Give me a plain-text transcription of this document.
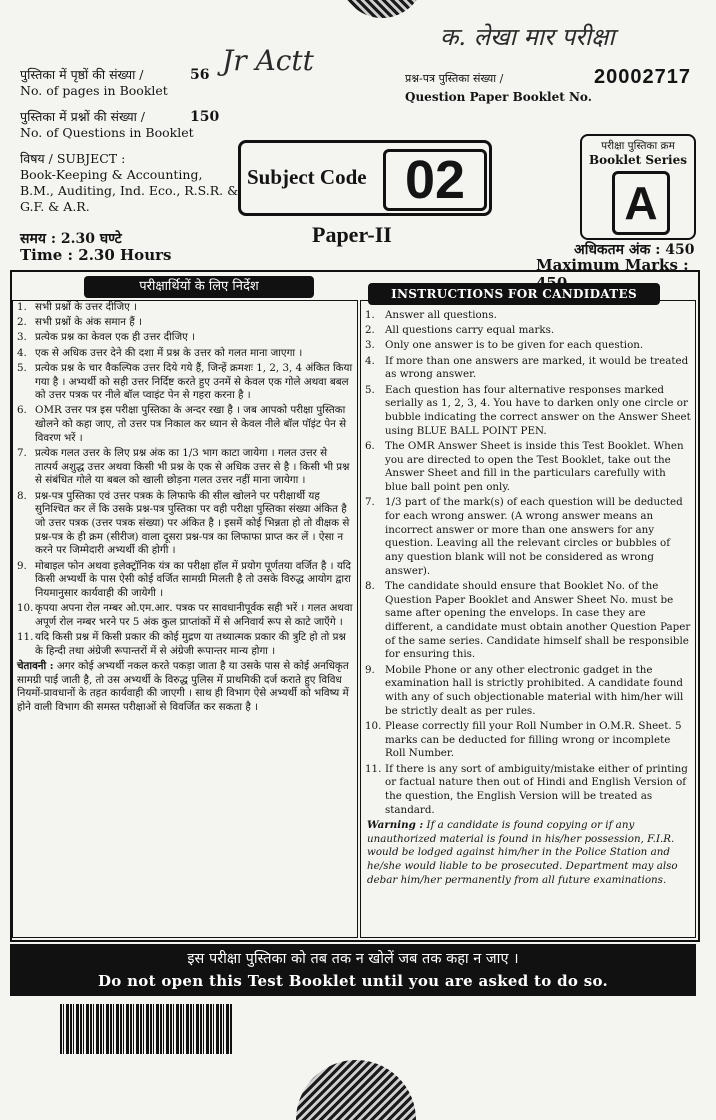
Jr Actt
क. लेखा मार परीक्षा
पुस्तिका में पृष्ठों की संख्या /
No. of pages in Booklet
56
पुस्तिका में प्रश्नों की संख्या /
No. of Questions in Booklet
150
प्रश्न-पत्र पुस्तिका संख्या /
Question Paper Booklet No.
20002717
विषय / SUBJECT :
Book-Keeping & Accounting,
B.M., Auditing, Ind. Eco., R.S.R. &
G.F. & A.R.
Subject Code 02
परीक्षा पुस्तिका क्रम
Booklet Series
A
समय : 2.30 घण्टे
Time : 2.30 Hours
Paper-II
अधिकतम अंक : 450
Maximum Marks :
परीक्षार्थियों के लिए निर्देश	INSTRUCTIONS FOR CANDIDATES
1. सभी प्रश्नों के उत्तर दीजिए ।
2. सभी प्रश्नों के अंक समान हैं ।
3. प्रत्येक प्रश्न का केवल एक ही उत्तर दीजिए ।
4. एक से अधिक उत्तर देने की दशा में प्रश्न के उत्तर को गलत माना जाएगा ।
5. प्रत्येक प्रश्न के चार वैकल्पिक उत्तर दिये गये हैं, जिन्हें क्रमशः 1, 2, 3, 4 अंकित किया गया है । अभ्यर्थी को सही उत्तर निर्दिष्ट करते हुए उनमें से केवल एक गोले अथवा बबल को उत्तर पत्रक पर नीले बॉल प्वाइंट पेन से गहरा करना है ।
6. OMR उत्तर पत्र इस परीक्षा पुस्तिका के अन्दर रखा है । जब आपको परीक्षा पुस्तिका खोलने को कहा जाए, तो उत्तर पत्र निकाल कर ध्यान से केवल नीले बॉल पॉइंट पेन से विवरण भरें ।
7. प्रत्येक गलत उत्तर के लिए प्रश्न अंक का 1/3 भाग काटा जायेगा । गलत उत्तर से तात्पर्य अशुद्ध उत्तर अथवा किसी भी प्रश्न के एक से अधिक उत्तर से है । किसी भी प्रश्न से संबंधित गोले या बबल को खाली छोड़ना गलत उत्तर नहीं माना जायेगा ।
8. प्रश्न-पत्र पुस्तिका एवं उत्तर पत्रक के लिफाफे की सील खोलने पर परीक्षार्थी यह सुनिश्चित कर लें कि उसके प्रश्न-पत्र पुस्तिका पर वही परीक्षा पुस्तिका संख्या अंकित है जो उत्तर पत्रक (उत्तर पत्रक संख्या) पर अंकित है । इसमें कोई भिन्नता हो तो वीक्षक से प्रश्न-पत्र के ही क्रम (सीरीज) वाला दूसरा प्रश्न-पत्र का लिफाफा प्राप्त कर लें । ऐसा न करने पर जिम्मेदारी अभ्यर्थी की होगी ।
9. मोबाइल फोन अथवा इलेक्ट्रॉनिक यंत्र का परीक्षा हॉल में प्रयोग पूर्णतया वर्जित है । यदि किसी अभ्यर्थी के पास ऐसी कोई वर्जित सामग्री मिलती है तो उसके विरुद्ध आयोग द्वारा नियमानुसार कार्यवाही की जायेगी ।
10. कृपया अपना रोल नम्बर ओ.एम.आर. पत्रक पर सावधानीपूर्वक सही भरें । गलत अथवा अपूर्ण रोल नम्बर भरने पर 5 अंक कुल प्राप्तांकों में से अनिवार्य रूप से काटे जाएँगे ।
11. यदि किसी प्रश्न में किसी प्रकार की कोई मुद्रण या तथ्यात्मक प्रकार की त्रुटि हो तो प्रश्न के हिन्दी तथा अंग्रेजी रूपान्तरों में से अंग्रेजी रूपान्तर मान्य होगा ।
चेतावनी : अगर कोई अभ्यर्थी नकल करते पकड़ा जाता है या उसके पास से कोई अनधिकृत सामग्री पाई जाती है, तो उस अभ्यर्थी के विरुद्ध पुलिस में प्राथमिकी दर्ज कराते हुए विविध नियमों-प्रावधानों के तहत कार्यवाही की जाएगी । साथ ही विभाग ऐसे अभ्यर्थी को भविष्य में होने वाली विभाग की समस्त परीक्षाओं से विवर्जित कर सकता है ।
1. Answer all questions.
2. All questions carry equal marks.
3. Only one answer is to be given for each question.
4. If more than one answers are marked, it would be treated as wrong answer.
5. Each question has four alternative responses marked serially as 1, 2, 3, 4. You have to darken only one circle or bubble indicating the correct answer on the Answer Sheet using BLUE BALL POINT PEN.
6. The OMR Answer Sheet is inside this Test Booklet. When you are directed to open the Test Booklet, take out the Answer Sheet and fill in the particulars carefully with blue ball point pen only.
7. 1/3 part of the mark(s) of each question will be deducted for each wrong answer. (A wrong answer means an incorrect answer or more than one answers for any question. Leaving all the relevant circles or bubbles of any question blank will not be considered as wrong answer).
8. The candidate should ensure that Booklet No. of the Question Paper Booklet and Answer Sheet No. must be same after opening the envelops. In case they are different, a candidate must obtain another Question Paper of the same series. Candidate himself shall be responsible for ensuring this.
9. Mobile Phone or any other electronic gadget in the examination hall is strictly prohibited. A candidate found with any of such objectionable material with him/her will be strictly dealt as per rules.
10. Please correctly fill your Roll Number in O.M.R. Sheet. 5 marks can be deducted for filling wrong or incomplete Roll Number.
11. If there is any sort of ambiguity/mistake either of printing or factual nature then out of Hindi and English Version of the question, the English Version will be treated as standard.
Warning : If a candidate is found copying or if any unauthorized material is found in his/her possession, F.I.R. would be lodged against him/her in the Police Station and he/she would liable to be prosecuted. Department may also debar him/her permanently from all future examinations.
इस परीक्षा पुस्तिका को तब तक न खोलें जब तक कहा न जाए ।
Do not open this Test Booklet until you are asked to do so.
